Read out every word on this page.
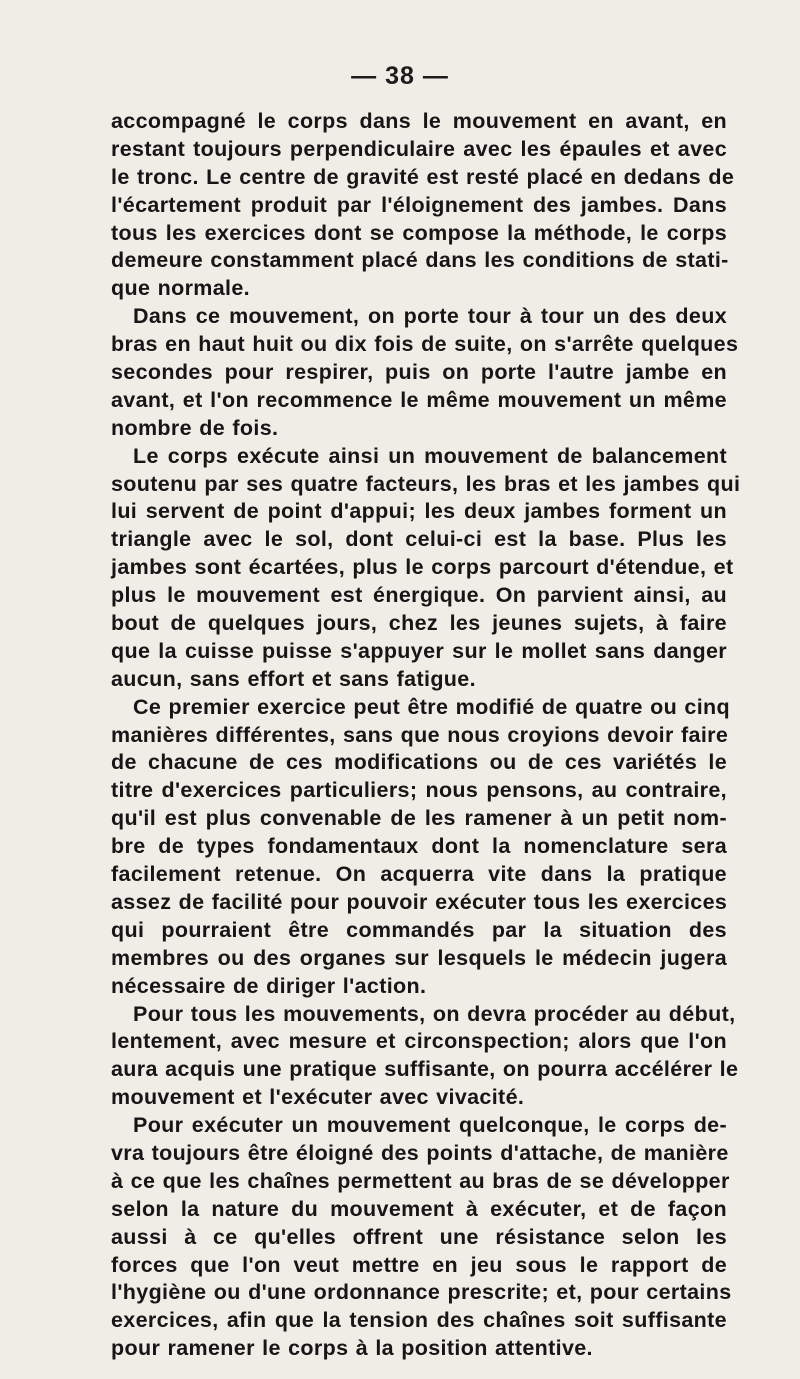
— 38 —
accompagné le corps dans le mouvement en avant, en
restant toujours perpendiculaire avec les épaules et avec
le tronc. Le centre de gravité est resté placé en dedans de
l'écartement produit par l'éloignement des jambes. Dans
tous les exercices dont se compose la méthode, le corps
demeure constamment placé dans les conditions de stati-
que normale.
Dans ce mouvement, on porte tour à tour un des deux
bras en haut huit ou dix fois de suite, on s'arrête quelques
secondes pour respirer, puis on porte l'autre jambe en
avant, et l'on recommence le même mouvement un même
nombre de fois.
Le corps exécute ainsi un mouvement de balancement
soutenu par ses quatre facteurs, les bras et les jambes qui
lui servent de point d'appui; les deux jambes forment un
triangle avec le sol, dont celui-ci est la base. Plus les
jambes sont écartées, plus le corps parcourt d'étendue, et
plus le mouvement est énergique. On parvient ainsi, au
bout de quelques jours, chez les jeunes sujets, à faire
que la cuisse puisse s'appuyer sur le mollet sans danger
aucun, sans effort et sans fatigue.
Ce premier exercice peut être modifié de quatre ou cinq
manières différentes, sans que nous croyions devoir faire
de chacune de ces modifications ou de ces variétés le
titre d'exercices particuliers; nous pensons, au contraire,
qu'il est plus convenable de les ramener à un petit nom-
bre de types fondamentaux dont la nomenclature sera
facilement retenue. On acquerra vite dans la pratique
assez de facilité pour pouvoir exécuter tous les exercices
qui pourraient être commandés par la situation des
membres ou des organes sur lesquels le médecin jugera
nécessaire de diriger l'action.
Pour tous les mouvements, on devra procéder au début,
lentement, avec mesure et circonspection; alors que l'on
aura acquis une pratique suffisante, on pourra accélérer le
mouvement et l'exécuter avec vivacité.
Pour exécuter un mouvement quelconque, le corps de-
vra toujours être éloigné des points d'attache, de manière
à ce que les chaînes permettent au bras de se développer
selon la nature du mouvement à exécuter, et de façon
aussi à ce qu'elles offrent une résistance selon les
forces que l'on veut mettre en jeu sous le rapport de
l'hygiène ou d'une ordonnance prescrite; et, pour certains
exercices, afin que la tension des chaînes soit suffisante
pour ramener le corps à la position attentive.
